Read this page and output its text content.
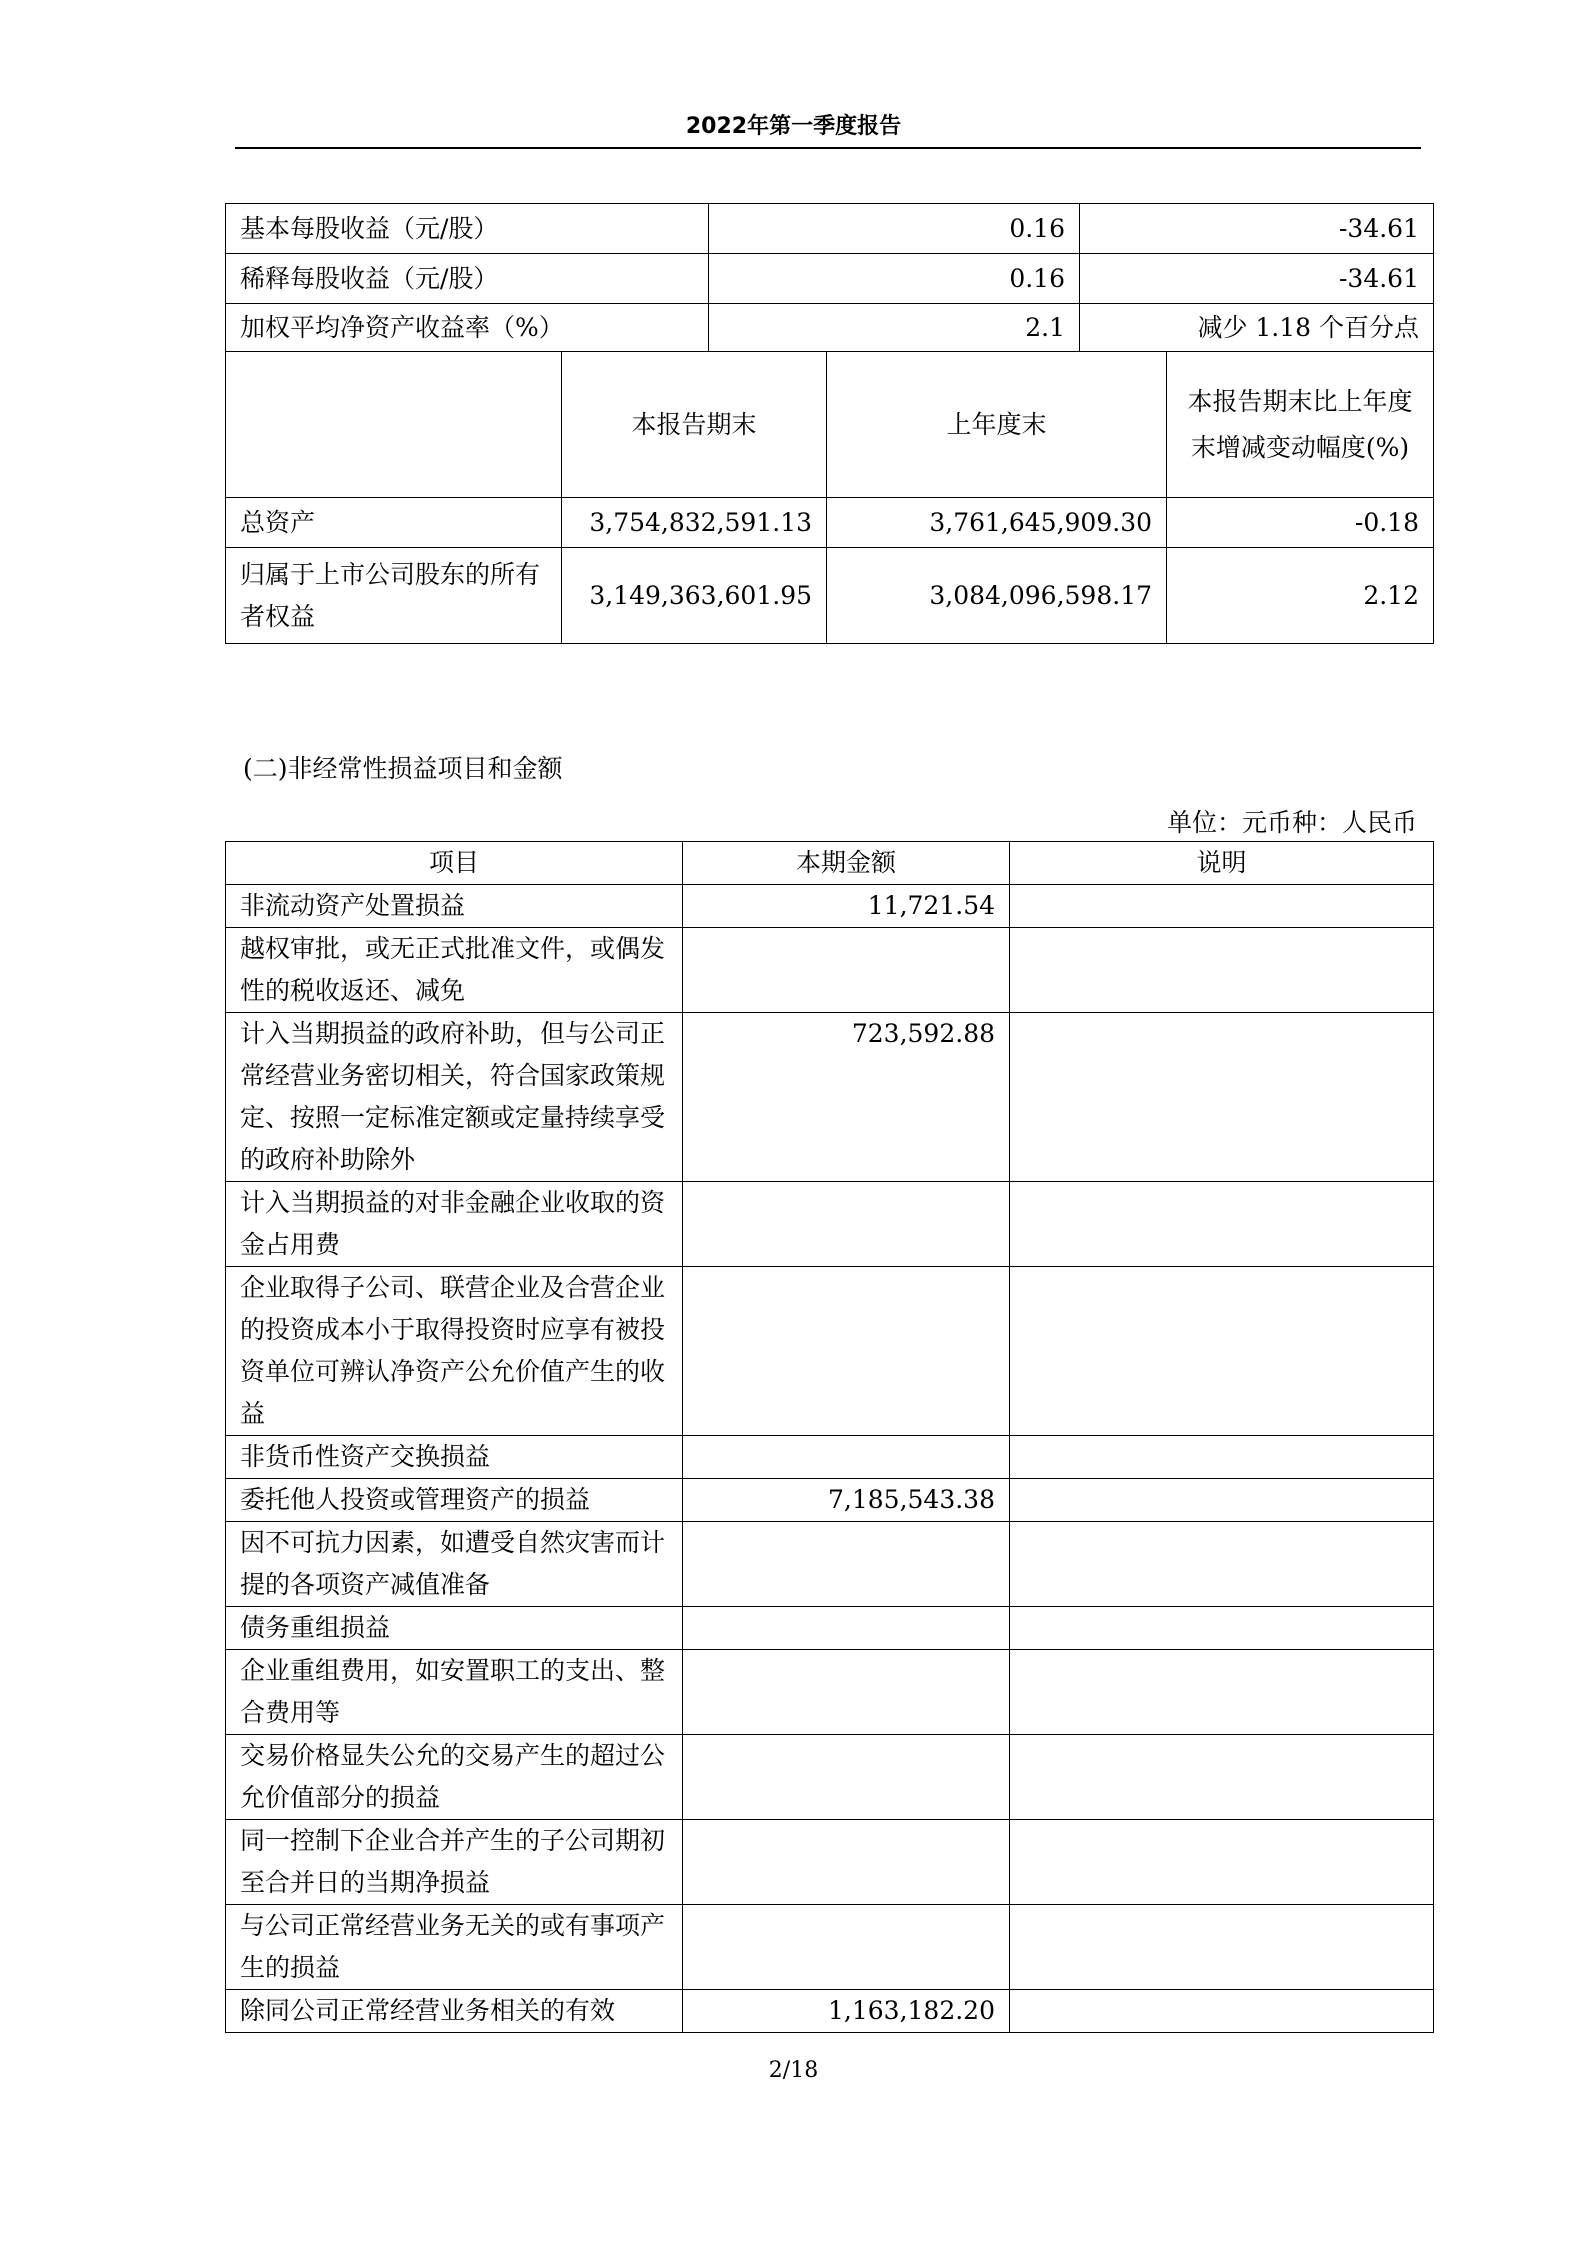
2022年第一季度报告
基本每股收益（元/股）	0.16	-34.61
稀释每股收益（元/股）	0.16	-34.61
加权平均净资产收益率（%）	2.1	减少 1.18 个百分点
	本报告期末	上年度末	本报告期末比上年度末增减变动幅度(%)
总资产	3,754,832,591.13	3,761,645,909.30	-0.18
归属于上市公司股东的所有者权益	3,149,363,601.95	3,084,096,598.17	2.12
(二)非经常性损益项目和金额
单位：元币种：人民币
项目	本期金额	说明
非流动资产处置损益	11,721.54	
越权审批，或无正式批准文件，或偶发性的税收返还、减免		
计入当期损益的政府补助，但与公司正常经营业务密切相关，符合国家政策规定、按照一定标准定额或定量持续享受的政府补助除外	723,592.88	
计入当期损益的对非金融企业收取的资金占用费		
企业取得子公司、联营企业及合营企业的投资成本小于取得投资时应享有被投资单位可辨认净资产公允价值产生的收益		
非货币性资产交换损益		
委托他人投资或管理资产的损益	7,185,543.38	
因不可抗力因素，如遭受自然灾害而计提的各项资产减值准备		
债务重组损益		
企业重组费用，如安置职工的支出、整合费用等		
交易价格显失公允的交易产生的超过公允价值部分的损益		
同一控制下企业合并产生的子公司期初至合并日的当期净损益		
与公司正常经营业务无关的或有事项产生的损益		
除同公司正常经营业务相关的有效	1,163,182.20	
2/18
